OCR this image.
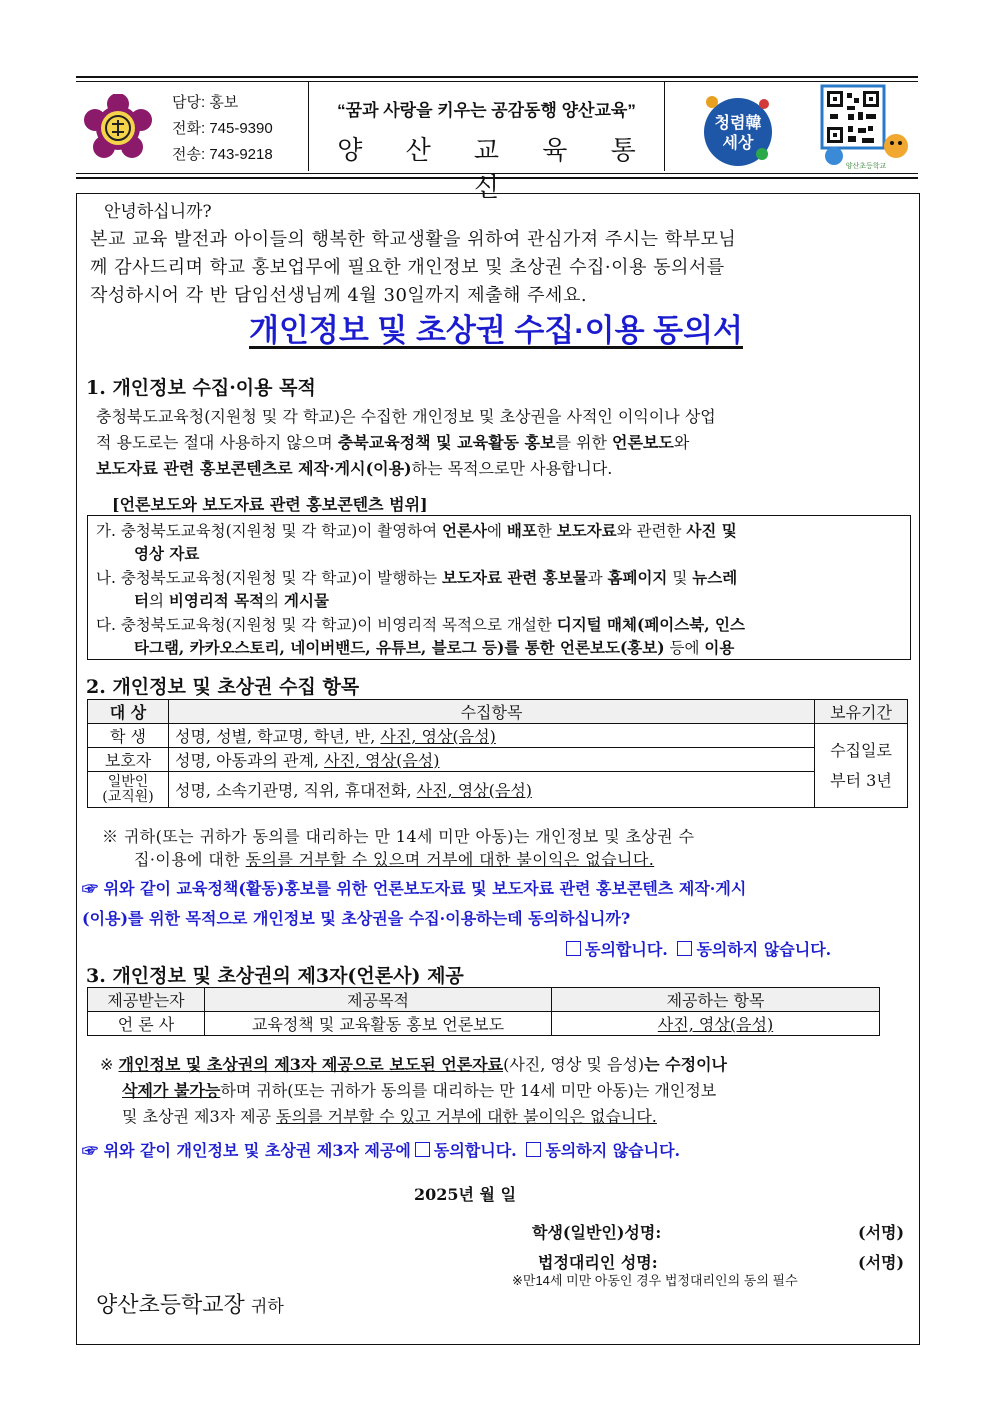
담당: 홍보
전화: 745-9390
전송: 743-9218
“꿈과 사랑을 키우는 공감동행 양산교육”
양 산 교 육 통 신
청렴韓
세상
양산초등학교
안녕하십니까?
본교 교육 발전과 아이들의 행복한 학교생활을 위하여 관심가져 주시는 학부모님
께 감사드리며 학교 홍보업무에 필요한 개인정보 및 초상권 수집·이용 동의서를
작성하시어 각 반 담임선생님께 4월 30일까지 제출해 주세요.
개인정보 및 초상권 수집·이용 동의서
1. 개인정보 수집·이용 목적
충청북도교육청(지원청 및 각 학교)은 수집한 개인정보 및 초상권을 사적인 이익이나 상업
적 용도로는 절대 사용하지 않으며 충북교육정책 및 교육활동 홍보를 위한 언론보도와
보도자료 관련 홍보콘텐츠로 제작·게시(이용)하는 목적으로만 사용합니다.
[언론보도와 보도자료 관련 홍보콘텐츠 범위]
가. 충청북도교육청(지원청 및 각 학교)이 촬영하여 언론사에 배포한 보도자료와 관련한 사진 및
영상 자료
나. 충청북도교육청(지원청 및 각 학교)이 발행하는 보도자료 관련 홍보물과 홈페이지 및 뉴스레
터의 비영리적 목적의 게시물
다. 충청북도교육청(지원청 및 각 학교)이 비영리적 목적으로 개설한 디지털 매체(페이스북, 인스
타그램, 카카오스토리, 네이버밴드, 유튜브, 블로그 등)를 통한 언론보도(홍보) 등에 이용
2. 개인정보 및 초상권 수집 항목
대 상	수집항목	보유기간
학 생	성명, 성별, 학교명, 학년, 반, 사진, 영상(음성)	수집일로
부터 3년

보호자	성명, 아동과의 관계, 사진, 영상(음성)	

일반인
(교직원)	성명, 소속기관명, 직위, 휴대전화, 사진, 영상(음성)	
※ 귀하(또는 귀하가 동의를 대리하는 만 14세 미만 아동)는 개인정보 및 초상권 수
집·이용에 대한 동의를 거부할 수 있으며 거부에 대한 불이익은 없습니다.
☞ 위와 같이 교육정책(활동)홍보를 위한 언론보도자료 및 보도자료 관련 홍보콘텐츠 제작·게시
(이용)를 위한 목적으로 개인정보 및 초상권을 수집·이용하는데 동의하십니까?
동의합니다. 동의하지 않습니다.
3. 개인정보 및 초상권의 제3자(언론사) 제공
제공받는자	제공목적	제공하는 항목
언 론 사	교육정책 및 교육활동 홍보 언론보도	사진, 영상(음성)
※ 개인정보 및 초상권의 제3자 제공으로 보도된 언론자료(사진, 영상 및 음성)는 수정이나
삭제가 불가능하며 귀하(또는 귀하가 동의를 대리하는 만 14세 미만 아동)는 개인정보
및 초상권 제3자 제공 동의를 거부할 수 있고 거부에 대한 불이익은 없습니다.
☞ 위와 같이 개인정보 및 초상권 제3자 제공에 동의합니다. 동의하지 않습니다.
2025년 월 일
학생(일반인)성명:	(서명)
법정대리인 성명:	(서명)
※만14세 미만 아동인 경우 법정대리인의 동의 필수
양산초등학교장 귀하
